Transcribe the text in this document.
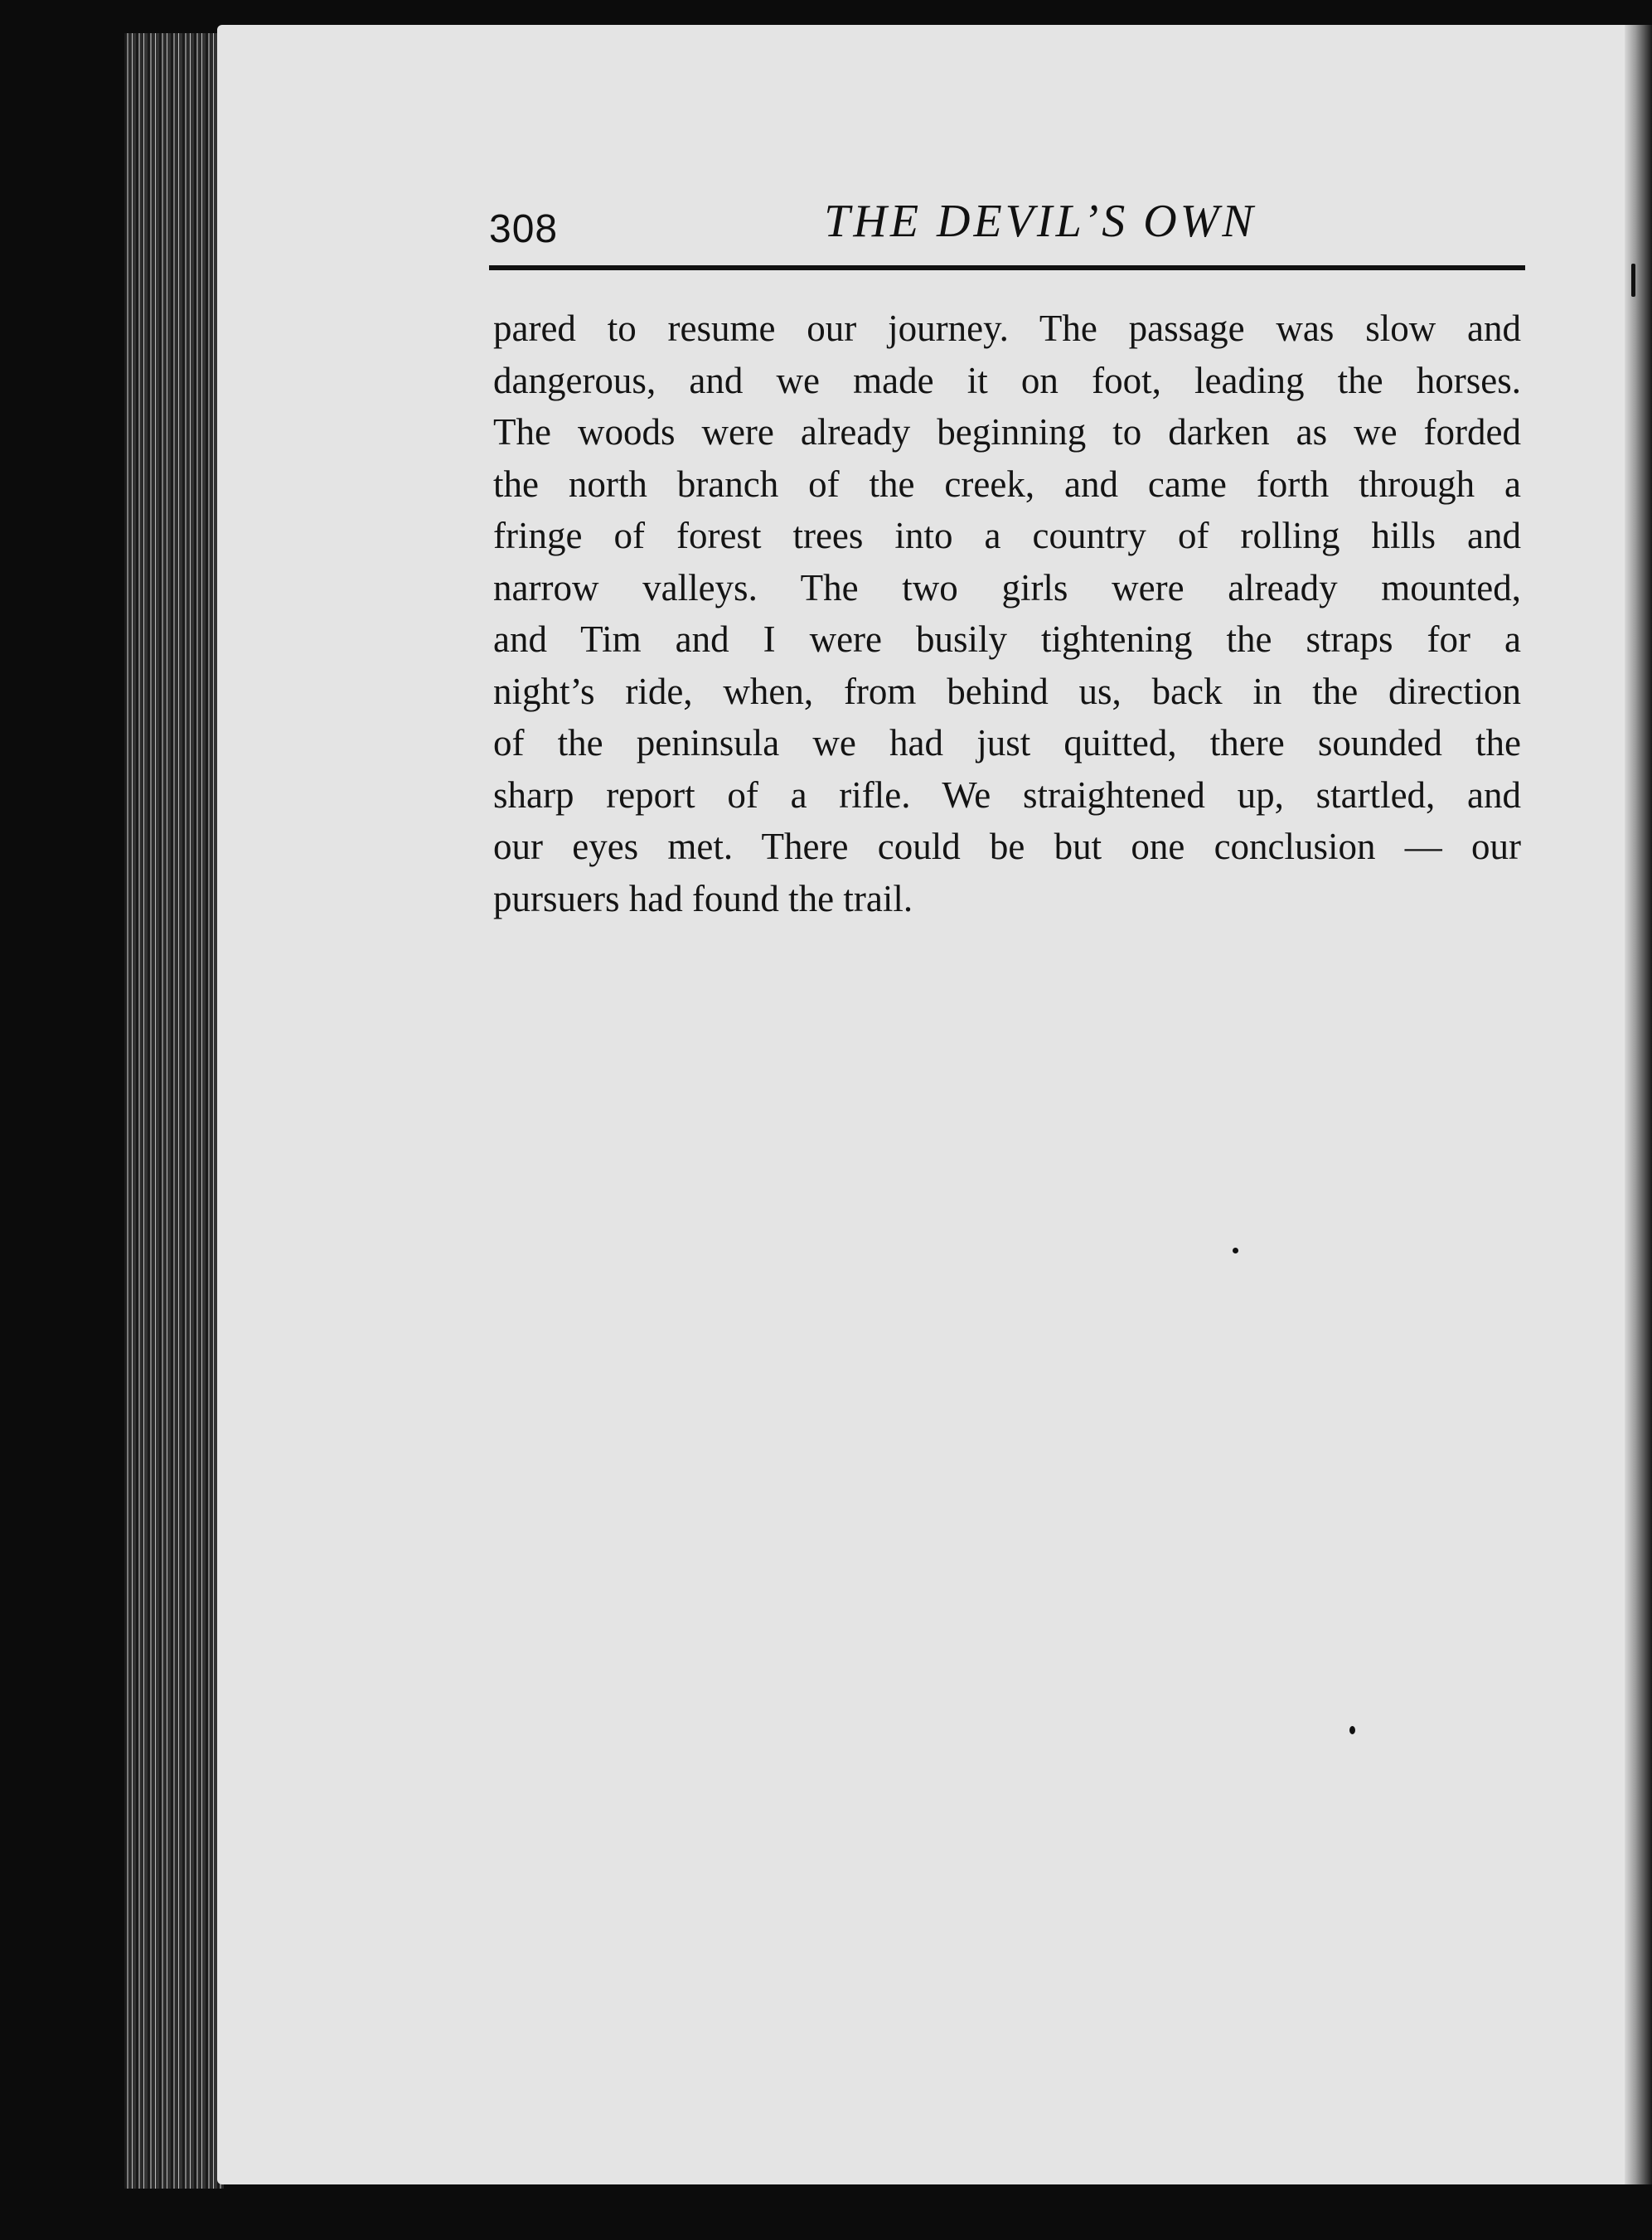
308	THE DEVIL’S OWN
pared to resume our journey. The passage was slow and
dangerous, and we made it on foot, leading the horses.
The woods were already beginning to darken as we forded
the north branch of the creek, and came forth through a
fringe of forest trees into a country of rolling hills and
narrow valleys. The two girls were already mounted,
and Tim and I were busily tightening the straps for a
night’s ride, when, from behind us, back in the direction
of the peninsula we had just quitted, there sounded the
sharp report of a rifle. We straightened up, startled, and
our eyes met. There could be but one conclusion — our
pursuers had found the trail.
